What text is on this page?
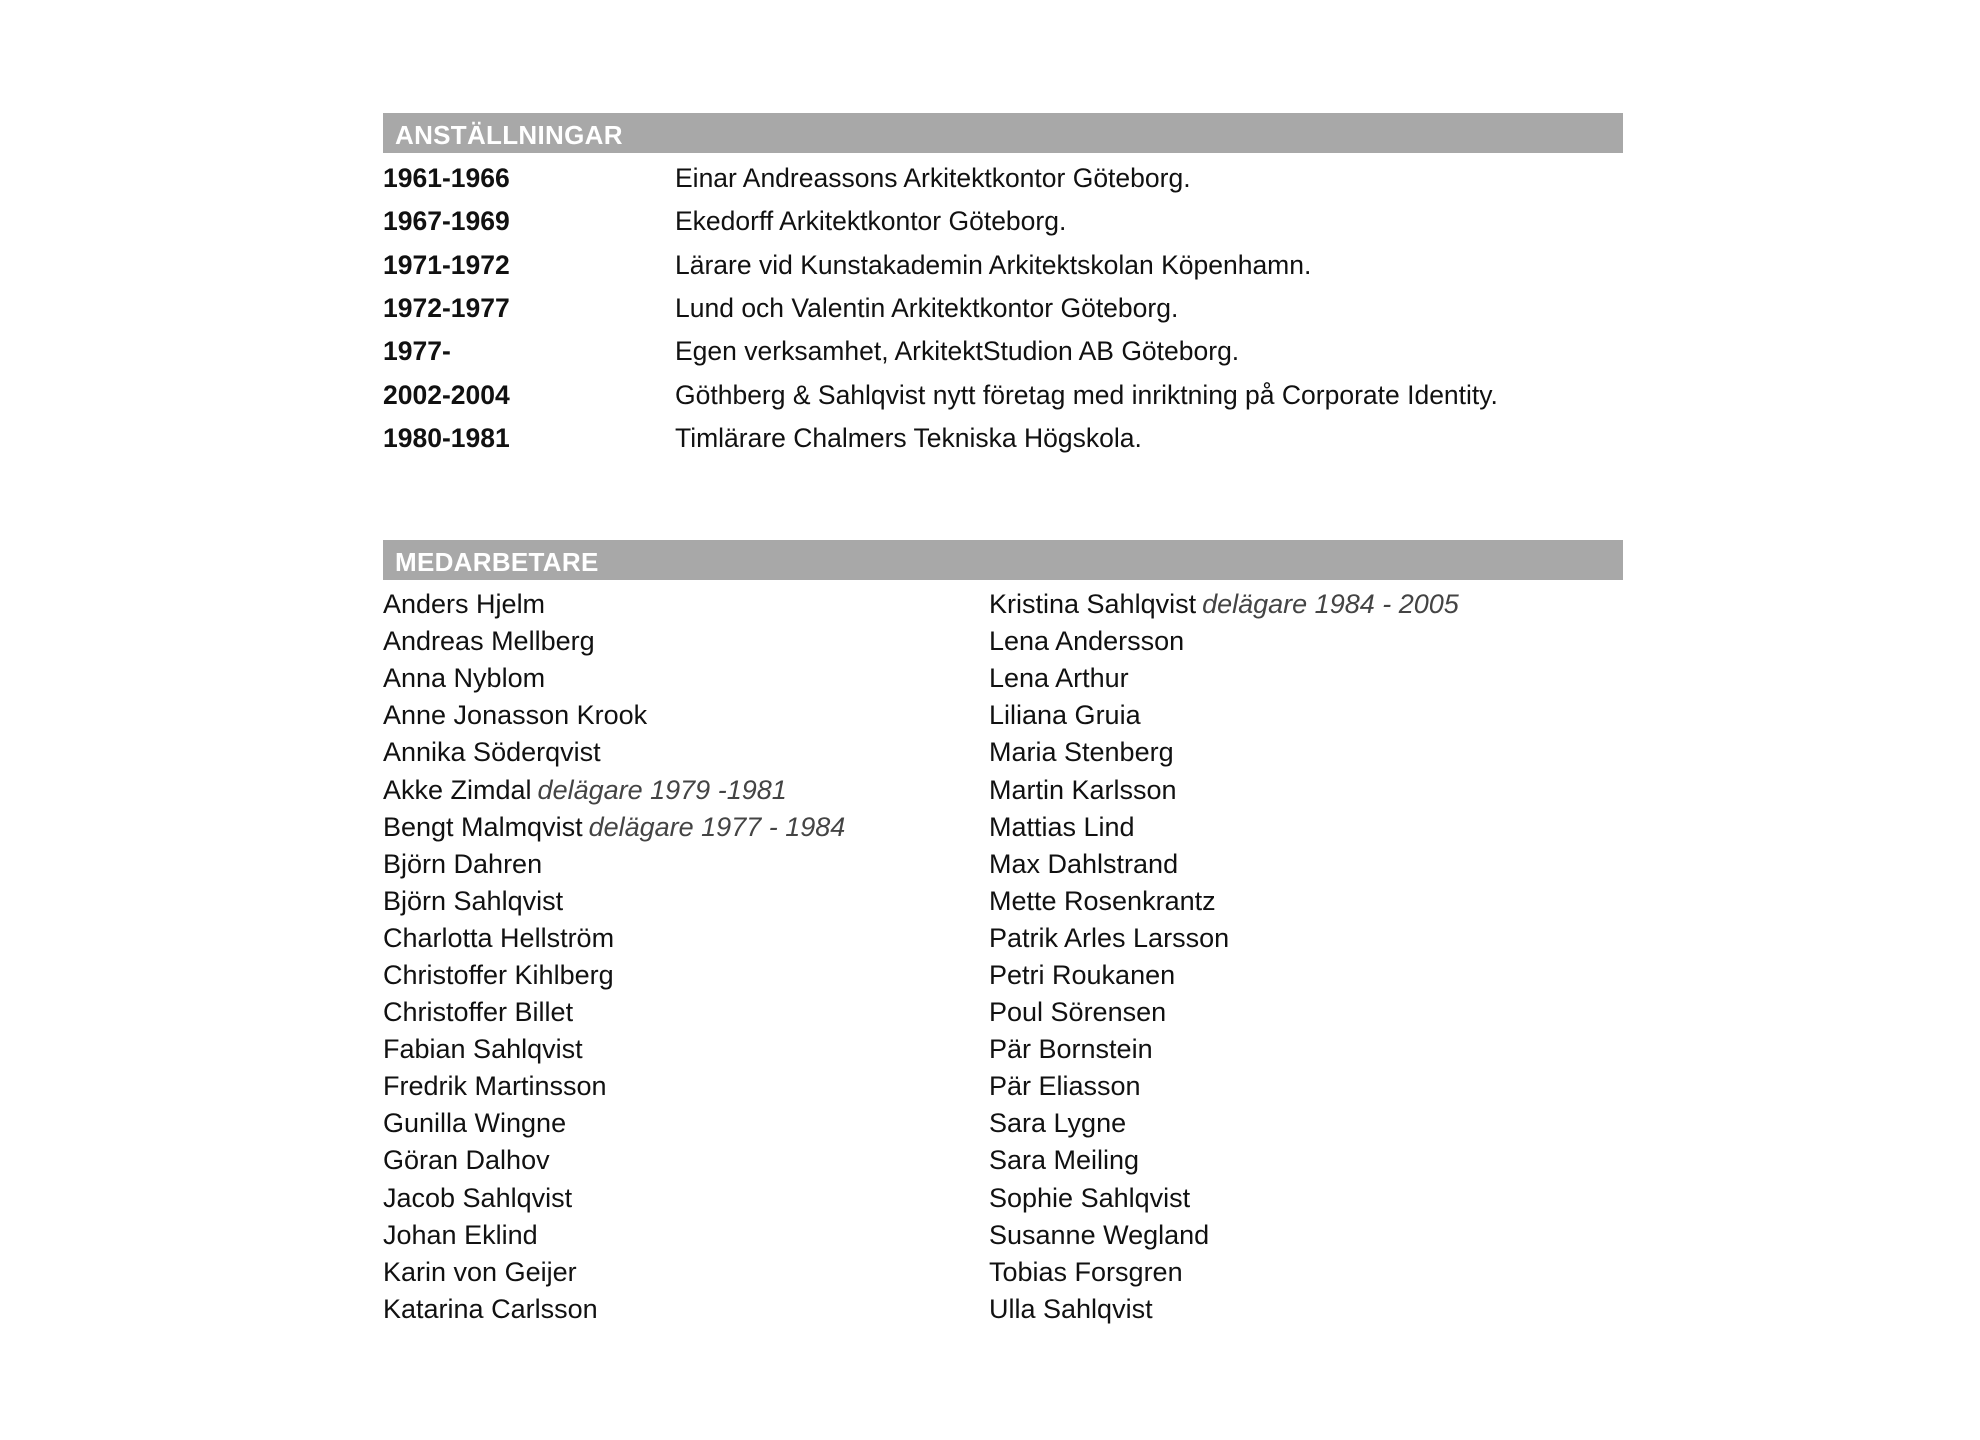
ANSTÄLLNINGAR
1961-1966	Einar Andreassons Arkitektkontor Göteborg.
1967-1969	Ekedorff Arkitektkontor Göteborg.
1971-1972	Lärare vid Kunstakademin Arkitektskolan Köpenhamn.
1972-1977	Lund och Valentin Arkitektkontor Göteborg.
1977-	Egen verksamhet, ArkitektStudion AB Göteborg.
2002-2004	Göthberg & Sahlqvist nytt företag med inriktning på Corporate Identity.
1980-1981	Timlärare Chalmers Tekniska Högskola.
MEDARBETARE
Anders Hjelm
Andreas Mellberg
Anna Nyblom
Anne Jonasson Krook
Annika Söderqvist
Akke Zimdal delägare 1979 -1981
Bengt Malmqvist delägare 1977 - 1984
Björn Dahren
Björn Sahlqvist
Charlotta Hellström
Christoffer Kihlberg
Christoffer Billet
Fabian Sahlqvist
Fredrik Martinsson
Gunilla Wingne
Göran Dalhov
Jacob Sahlqvist
Johan Eklind
Karin von Geijer
Katarina Carlsson
Kristina Sahlqvist delägare 1984 - 2005
Lena Andersson
Lena Arthur
Liliana Gruia
Maria Stenberg
Martin Karlsson
Mattias Lind
Max Dahlstrand
Mette Rosenkrantz
Patrik Arles Larsson
Petri Roukanen
Poul Sörensen
Pär Bornstein
Pär Eliasson
Sara Lygne
Sara Meiling
Sophie Sahlqvist
Susanne Wegland
Tobias Forsgren
Ulla Sahlqvist
